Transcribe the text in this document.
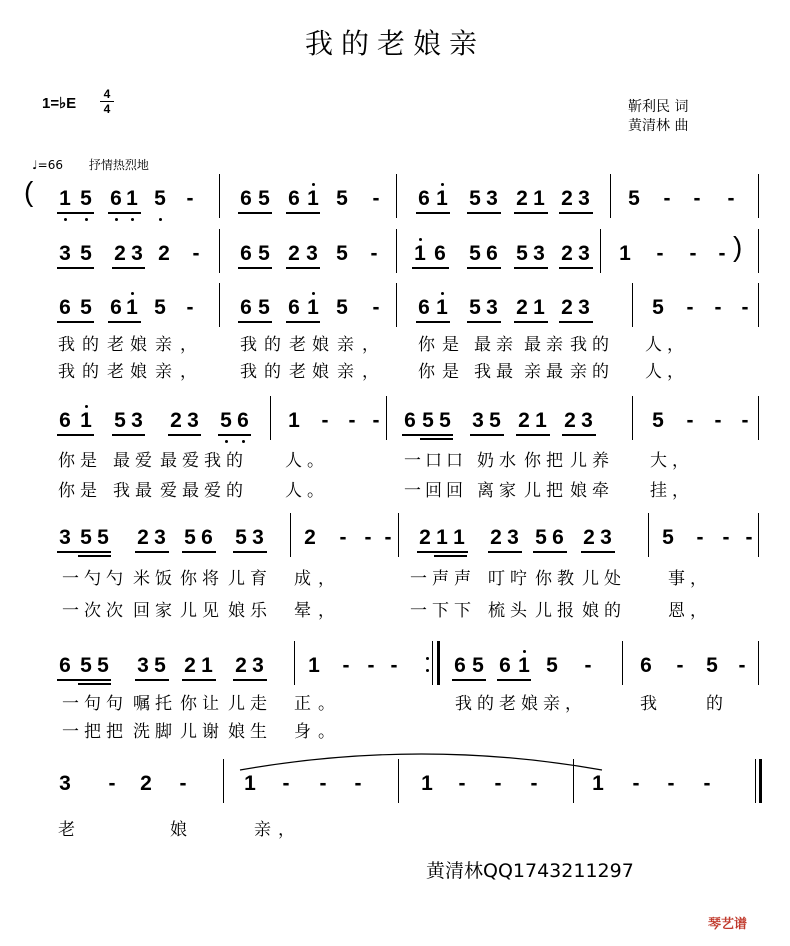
我的老娘亲
1=♭E
4
4	靳利民 词
黄清林 曲
♩=66 抒情热烈地
1 5 6 1 5 - 6 5 6 1 5 - 6 1 5 3 2 1 2 3 5 - - -
3 5 2 3 2 - 6 5 2 3 5 - 1 6 5 6 5 3 2 3 1 - - -
6 5 6 1 5 - 6 5 6 1 5 - 6 1 5 3 2 1 2 3	5 - - -
6 1 5 3 2 3 5 6 1 - - - 6 5 5 3 5 2 1 2 3	5 - - -
3 5 5 2 3 5 6 5 3 2 - - - 2 1 1 2 3 5 6 2 3 5 - - -
6 5 5 3 5 2 1 2 3 1 - - -	6 5 6 1 5 - 6 - 5 -
3 - 2 -	1 - - -	1 - - -	1 - - -
(
)
我 的 老 娘 亲 ，	我 的 老 娘 亲 ， 你 是 最 亲 最 亲 我 的 人 ，
我 的 老 娘 亲 ，	我 的 老 娘 亲 ， 你 是 我 最 亲 最 亲 的 人 ，
你 是 最 爱 最 爱 我 的 人 。	一 口 口 奶 水 你 把 儿 养 大 ，
你 是 我 最 爱 最 爱 的 人 。	一 回 回 离 家 儿 把 娘 牵 挂 ，
一 勺 勺 米 饭 你 将 儿 育 成 ，	一 声 声 叮 咛 你 教 儿 处	事 ，
一 次 次 回 家 儿 见 娘 乐 晕 ，	一 下 下 梳 头 儿 报 娘 的	恩 ，
一 句 句 嘱 托 你 让 儿 走 正 。	我 的 老 娘 亲 ，	我	的
一 把 把 洗 脚 儿 谢 娘 生 身 。
老	娘	亲 ，
黄清林QQ1743211297
琴艺谱
